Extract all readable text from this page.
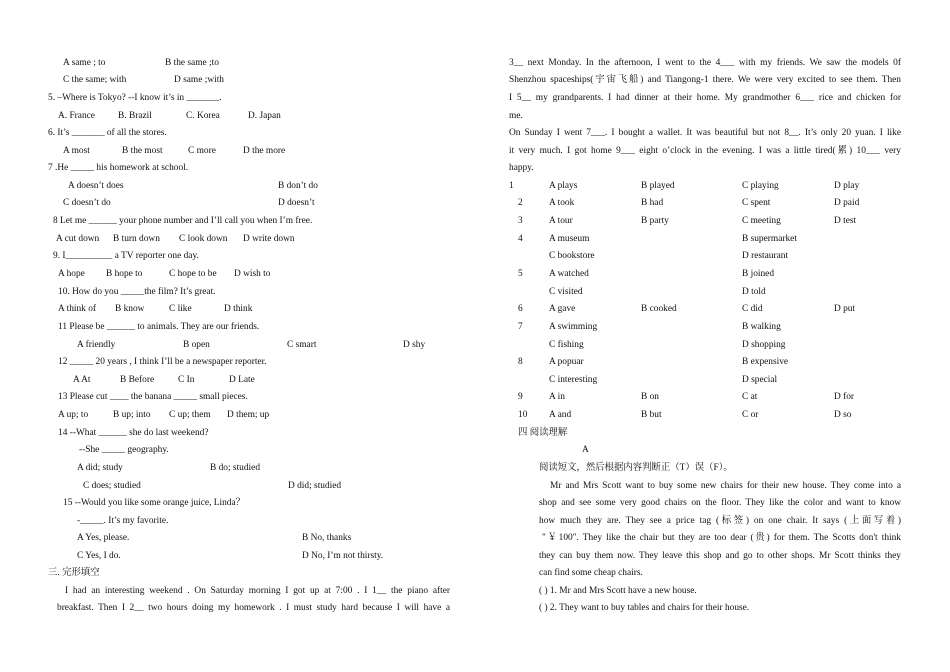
A same ; to	B the same ;to
C the same; with	D same ;with
5. –Where is Tokyo? --I know it’s in _______.
A. France B. Brazil	C. Korea	D. Japan
6. It’s _______ of all the stores.
A most	B the most	C more	D the more
7 .He _____ his homework at school.
A doesn’t does	B don’t do
C doesn’t do	D doesn’t
8 Let me ______ your phone number and I’ll call you when I’m free.
A cut down B turn down C look down D write down
9. I__________ a TV reporter one day.
A hope B hope to	C hope to be D wish to
10. How do you _____the film? It’s great.
A think of B know	C like	D think
11 Please be ______ to animals. They are our friends.
A friendly	B open	C smart	D shy
12 _____ 20 years , I think I’ll be a newspaper reporter.
A At	B Before	C In	D Late
13 Please cut ____ the banana _____ small pieces.
A up; to	B up; into C up; them D them; up
14 --What ______ she do last weekend?
--She _____ geography.
A did; study	B do; studied
C does; studied	D did; studied
15 --Would you like some orange juice, Linda？
-_____. It’s my favorite.
A Yes, please.	B No, thanks
C Yes, I do.	D No, I’m not thirsty.
三. 完形填空
I had an interesting weekend . On Saturday morning I got up at 7:00 . I 1__ the piano after
breakfast. Then I 2__ two hours doing my homework . I must study hard because I will have a
3__ next Monday. In the afternoon, I went to the 4___ with my friends. We saw the models 0f
Shenzhou spaceships(宇宙飞船) and Tiangong-1 there. We were very excited to see them. Then
I 5__ my grandparents. I had dinner at their home. My grandmother 6___ rice and chicken for
me.
On Sunday I went 7___. I bought a wallet. It was beautiful but not 8__. It’s only 20 yuan. I like
it very much. I got home 9___ eight o’clock in the evening. I was a little tired(累) 10___ very
happy.
1	A plays	B played	C playing	D play
2	A took	B had	C spent	D paid
3	A tour	B party	C meeting	D test
4	A museum	B supermarket
C bookstore	D restaurant
5	A watched	B joined
C visited	D told
6	A gave	B cooked	C did	D put
7	A swimming	B walking
C fishing	D shopping
8	A popuar	B expensive
C interesting	D special
9	A in	B on	C at	D for
10 A and	B but	C or	D so
四 阅读理解
A
阅读短文，然后根据内容判断正（T）误（F）。
Mr and Mrs Scott want to buy some new chairs for their new house. They come into a
shop and see some very good chairs on the floor. They like the color and want to know
how much they are. They see a price tag (标签) on one chair. It says (上面写着)
"￥100". They like the chair but they are too dear (贵) for them. The Scotts don't think
they can buy them now. They leave this shop and go to other shops. Mr Scott thinks they
can find some cheap chairs.
( ) 1. Mr and Mrs Scott have a new house.
( ) 2. They want to buy tables and chairs for their house.
